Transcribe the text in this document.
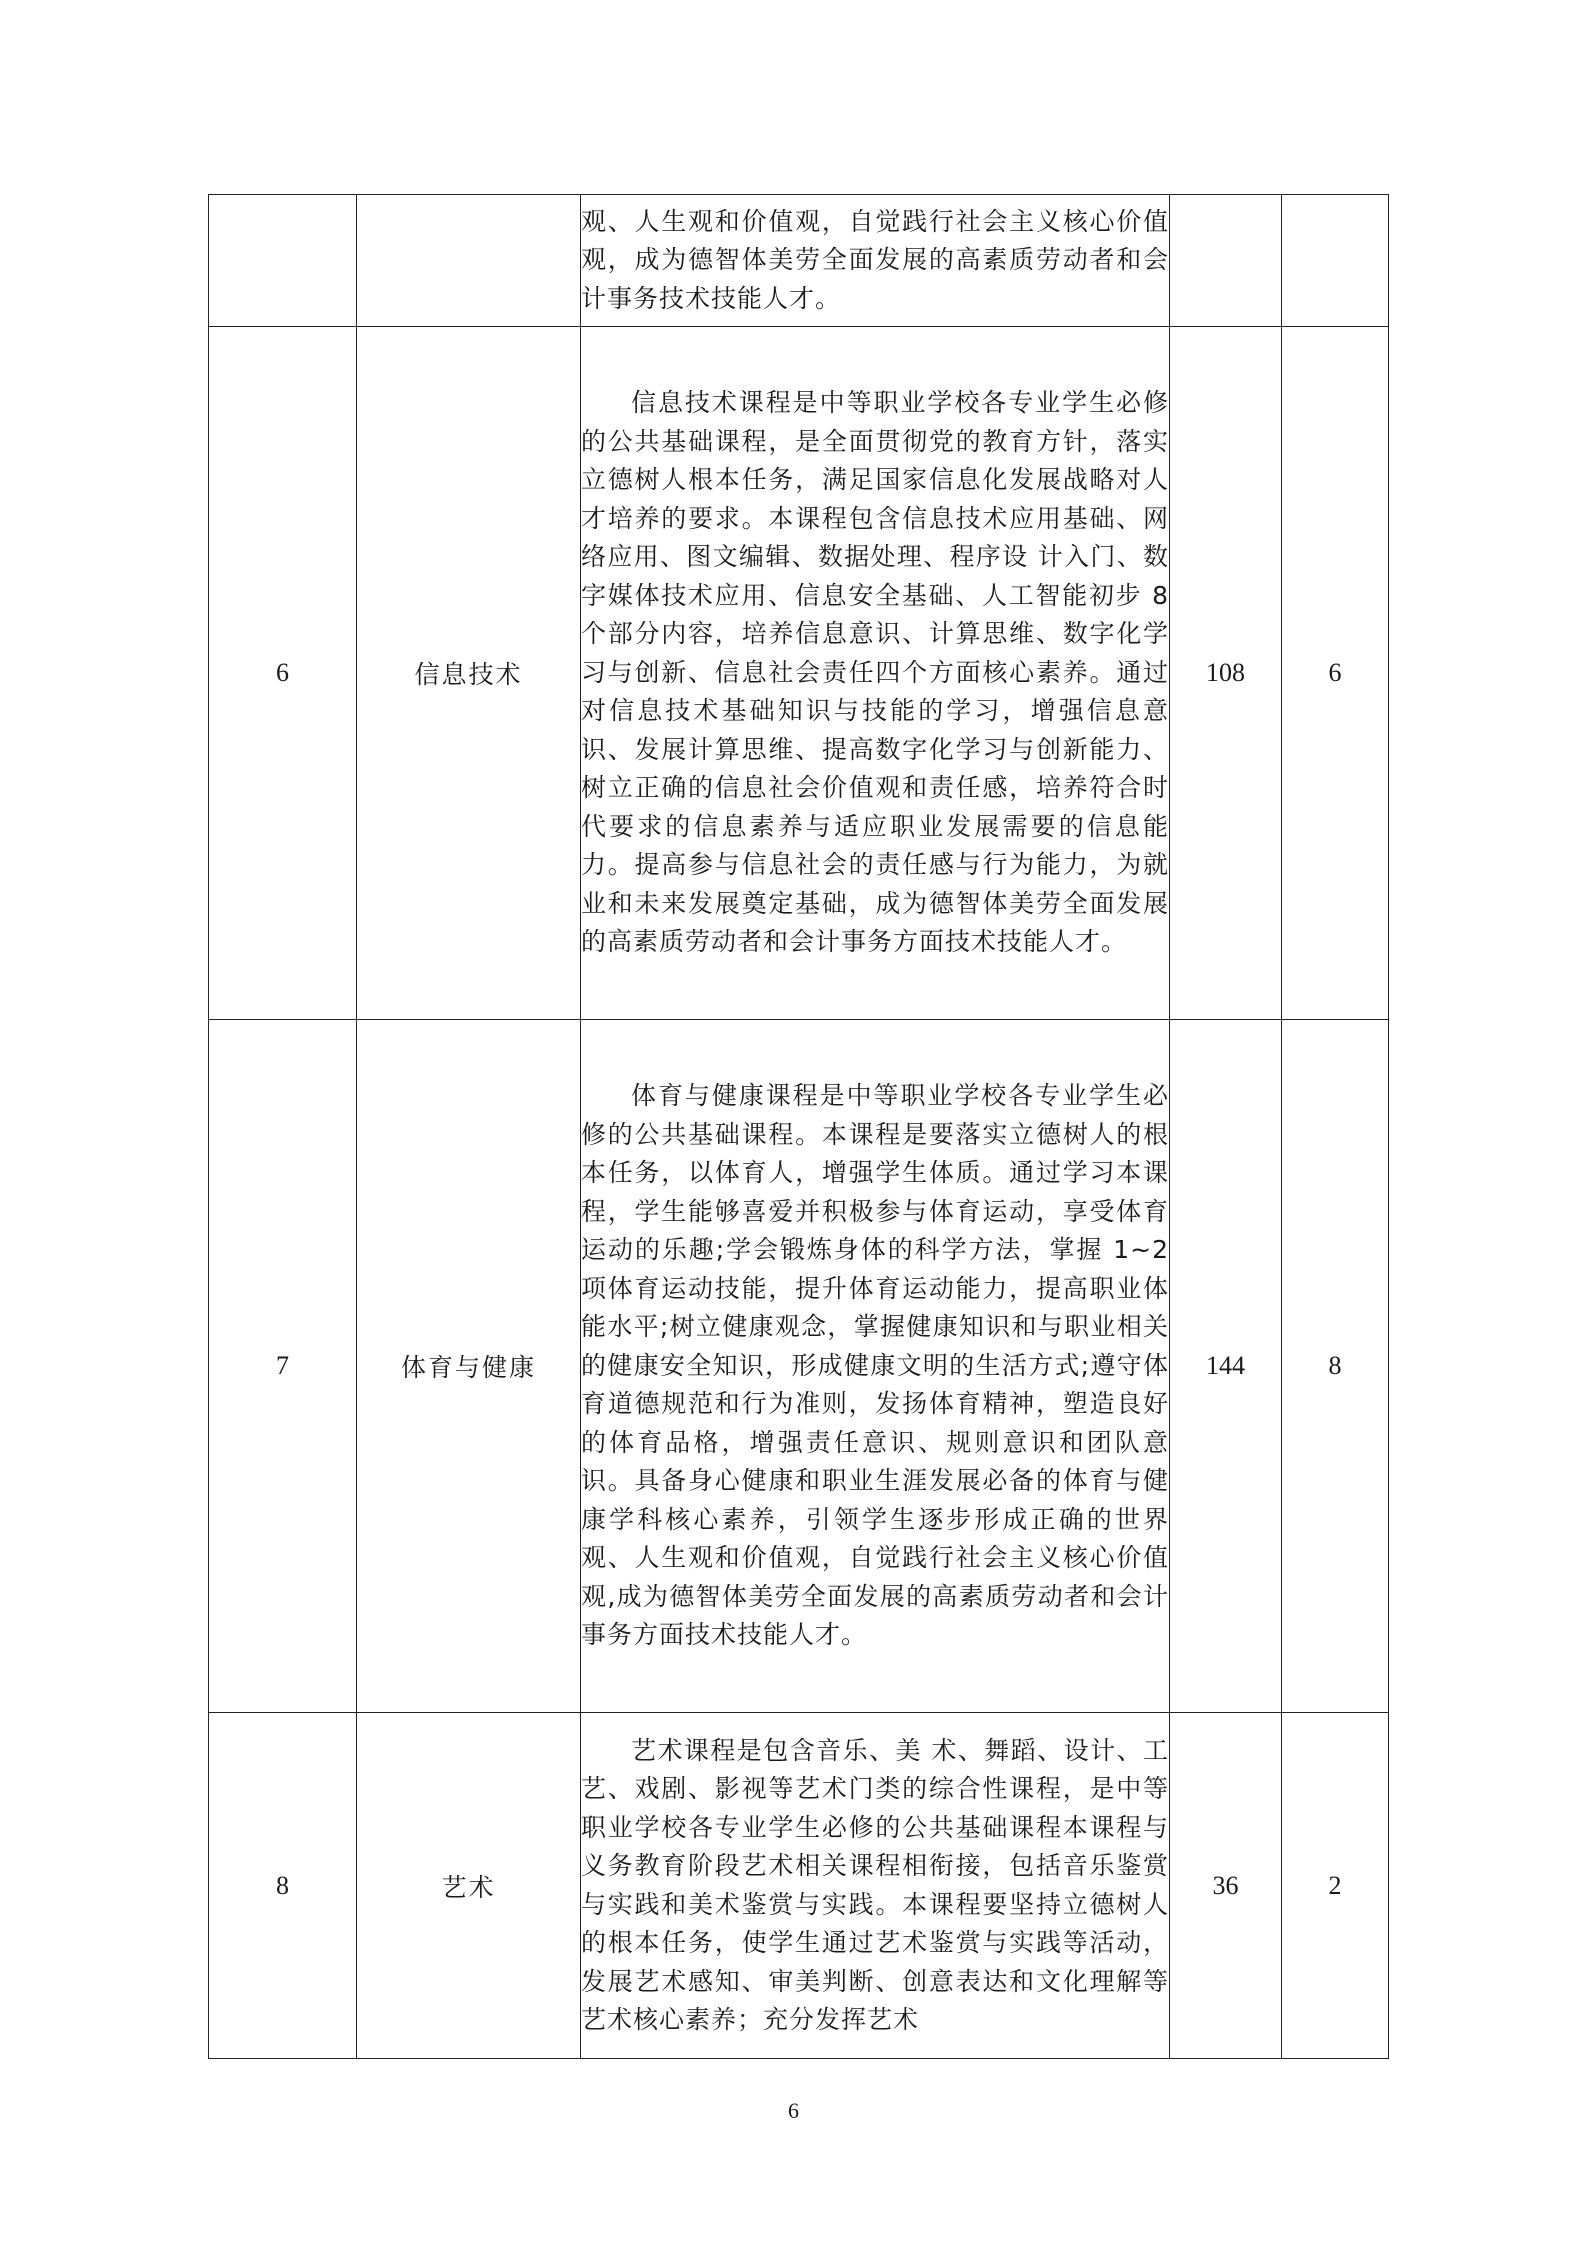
		观、人生观和价值观，自觉践行社会主义核心价值观，成为德智体美劳全面发展的高素质劳动者和会计事务技术技能人才。		

6	信息技术	信息技术课程是中等职业学校各专业学生必修的公共基础课程，是全面贯彻党的教育方针，落实立德树人根本任务，满足国家信息化发展战略对人才培养的要求。本课程包含信息技术应用基础、网络应用、图文编辑、数据处理、程序设 计入门、数字媒体技术应用、信息安全基础、人工智能初步 8 个部分内容，培养信息意识、计算思维、数字化学习与创新、信息社会责任四个方面核心素养。通过对信息技术基础知识与技能的学习，增强信息意识、发展计算思维、提高数字化学习与创新能力、树立正确的信息社会价值观和责任感，培养符合时代要求的信息素养与适应职业发展需要的信息能力。提高参与信息社会的责任感与行为能力，为就业和未来发展奠定基础，成为德智体美劳全面发展的高素质劳动者和会计事务方面技术技能人才。	108	6
7	体育与健康	体育与健康课程是中等职业学校各专业学生必修的公共基础课程。本课程是要落实立德树人的根本任务，以体育人，增强学生体质。通过学习本课程，学生能够喜爱并积极参与体育运动，享受体育运动的乐趣;学会锻炼身体的科学方法，掌握 1~2 项体育运动技能，提升体育运动能力，提高职业体能水平;树立健康观念，掌握健康知识和与职业相关的健康安全知识，形成健康文明的生活方式;遵守体育道德规范和行为准则，发扬体育精神，塑造良好的体育品格，增强责任意识、规则意识和团队意识。具备身心健康和职业生涯发展必备的体育与健康学科核心素养，引领学生逐步形成正确的世界观、人生观和价值观，自觉践行社会主义核心价值观,成为德智体美劳全面发展的高素质劳动者和会计事务方面技术技能人才。	144	8
8	艺术	艺术课程是包含音乐、美 术、舞蹈、设计、工艺、戏剧、影视等艺术门类的综合性课程，是中等职业学校各专业学生必修的公共基础课程本课程与义务教育阶段艺术相关课程相衔接，包括音乐鉴赏与实践和美术鉴赏与实践。本课程要坚持立德树人的根本任务，使学生通过艺术鉴赏与实践等活动，发展艺术感知、审美判断、创意表达和文化理解等艺术核心素养；充分发挥艺术	36	2
6
